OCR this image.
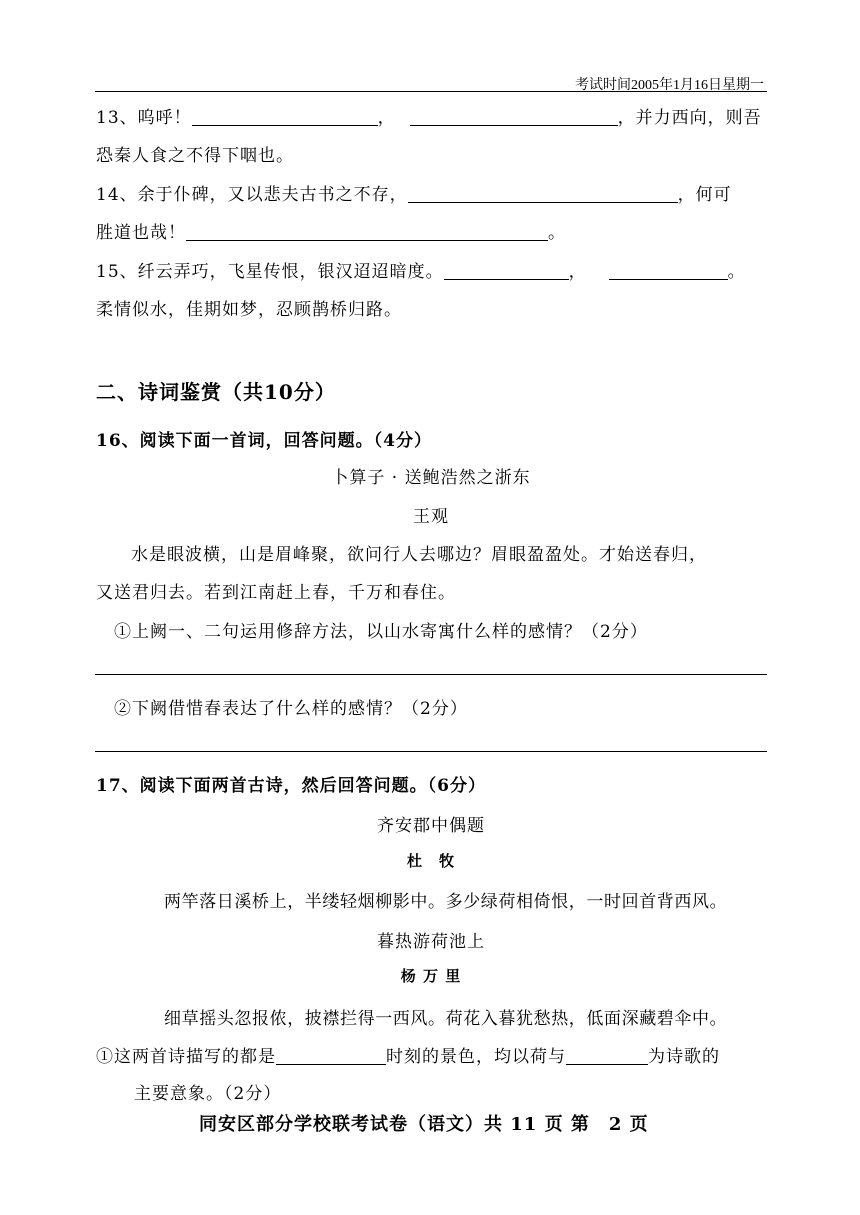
考试时间2005年1月16日星期一
13、呜呼！	，	，并力西向，则吾
恐秦人食之不得下咽也。
14、余于仆碑，又以悲夫古书之不存，	，何可
胜道也哉！	。
15、纤云弄巧，飞星传恨，银汉迢迢暗度。	，	。
柔情似水，佳期如梦，忍顾鹊桥归路。
二、诗词鉴赏（共10分）
16、阅读下面一首词，回答问题。（4分）
卜算子 · 送鲍浩然之浙东
王观
水是眼波横，山是眉峰聚，欲问行人去哪边？眉眼盈盈处。才始送春归，
又送君归去。若到江南赶上春，千万和春住。
①上阙一、二句运用修辞方法，以山水寄寓什么样的感情？（2分）
②下阙借惜春表达了什么样的感情？（2分）
17、阅读下面两首古诗，然后回答问题。（6分）
齐安郡中偶题
杜　牧
两竿落日溪桥上，半缕轻烟柳影中。多少绿荷相倚恨，一时回首背西风。
暮热游荷池上
杨 万 里
细草摇头忽报侬，披襟拦得一西风。荷花入暮犹愁热，低面深藏碧伞中。
①这两首诗描写的都是	时刻的景色，均以荷与	为诗歌的
主要意象。（2分）
同安区部分学校联考试卷（语文）共 11 页 第　2 页
